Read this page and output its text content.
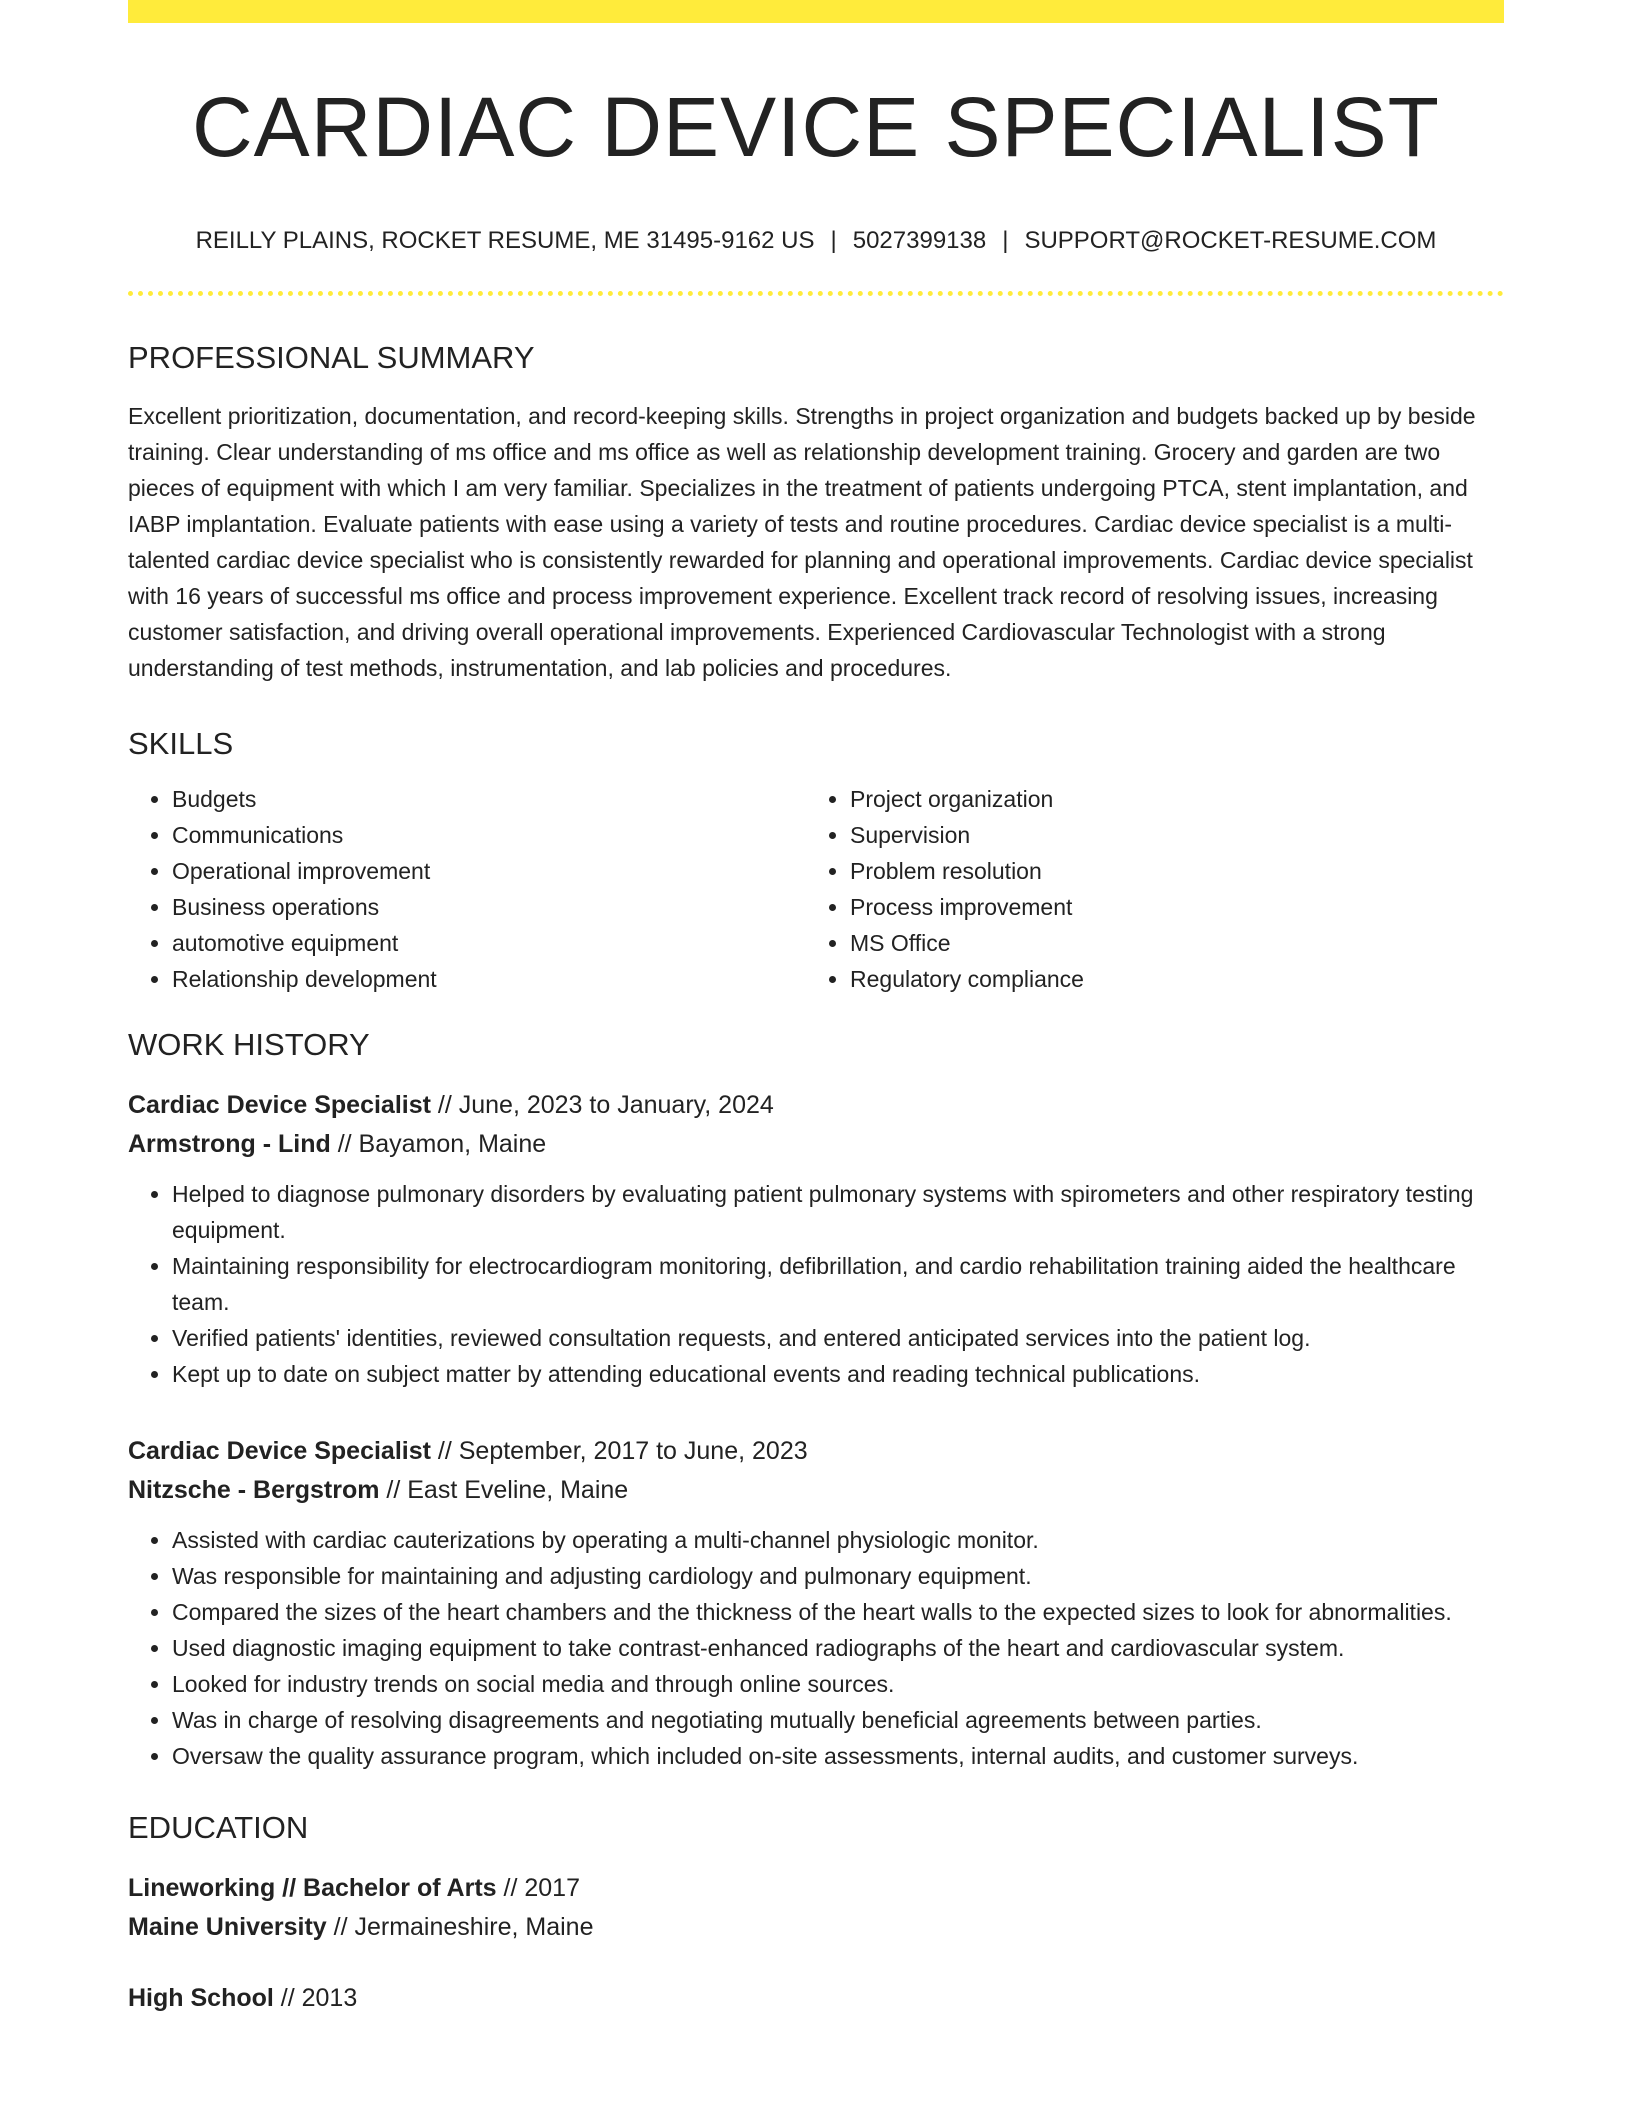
CARDIAC DEVICE SPECIALIST
REILLY PLAINS, ROCKET RESUME, ME 31495-9162 US | 5027399138 | SUPPORT@ROCKET-RESUME.COM
PROFESSIONAL SUMMARY
Excellent prioritization, documentation, and record-keeping skills. Strengths in project organization and budgets backed up by beside training. Clear understanding of ms office and ms office as well as relationship development training. Grocery and garden are two pieces of equipment with which I am very familiar. Specializes in the treatment of patients undergoing PTCA, stent implantation, and IABP implantation. Evaluate patients with ease using a variety of tests and routine procedures. Cardiac device specialist is a multi-talented cardiac device specialist who is consistently rewarded for planning and operational improvements. Cardiac device specialist with 16 years of successful ms office and process improvement experience. Excellent track record of resolving issues, increasing customer satisfaction, and driving overall operational improvements. Experienced Cardiovascular Technologist with a strong understanding of test methods, instrumentation, and lab policies and procedures.
SKILLS
• Budgets
• Communications
• Operational improvement
• Business operations
• automotive equipment
• Relationship development
• Project organization
• Supervision
• Problem resolution
• Process improvement
• MS Office
• Regulatory compliance
WORK HISTORY
Cardiac Device Specialist // June, 2023 to January, 2024
Armstrong - Lind // Bayamon, Maine
• Helped to diagnose pulmonary disorders by evaluating patient pulmonary systems with spirometers and other respiratory testing equipment.
• Maintaining responsibility for electrocardiogram monitoring, defibrillation, and cardio rehabilitation training aided the healthcare team.
• Verified patients' identities, reviewed consultation requests, and entered anticipated services into the patient log.
• Kept up to date on subject matter by attending educational events and reading technical publications.
Cardiac Device Specialist // September, 2017 to June, 2023
Nitzsche - Bergstrom // East Eveline, Maine
• Assisted with cardiac cauterizations by operating a multi-channel physiologic monitor.
• Was responsible for maintaining and adjusting cardiology and pulmonary equipment.
• Compared the sizes of the heart chambers and the thickness of the heart walls to the expected sizes to look for abnormalities.
• Used diagnostic imaging equipment to take contrast-enhanced radiographs of the heart and cardiovascular system.
• Looked for industry trends on social media and through online sources.
• Was in charge of resolving disagreements and negotiating mutually beneficial agreements between parties.
• Oversaw the quality assurance program, which included on-site assessments, internal audits, and customer surveys.
EDUCATION
Lineworking // Bachelor of Arts // 2017
Maine University // Jermaineshire, Maine
High School // 2013
